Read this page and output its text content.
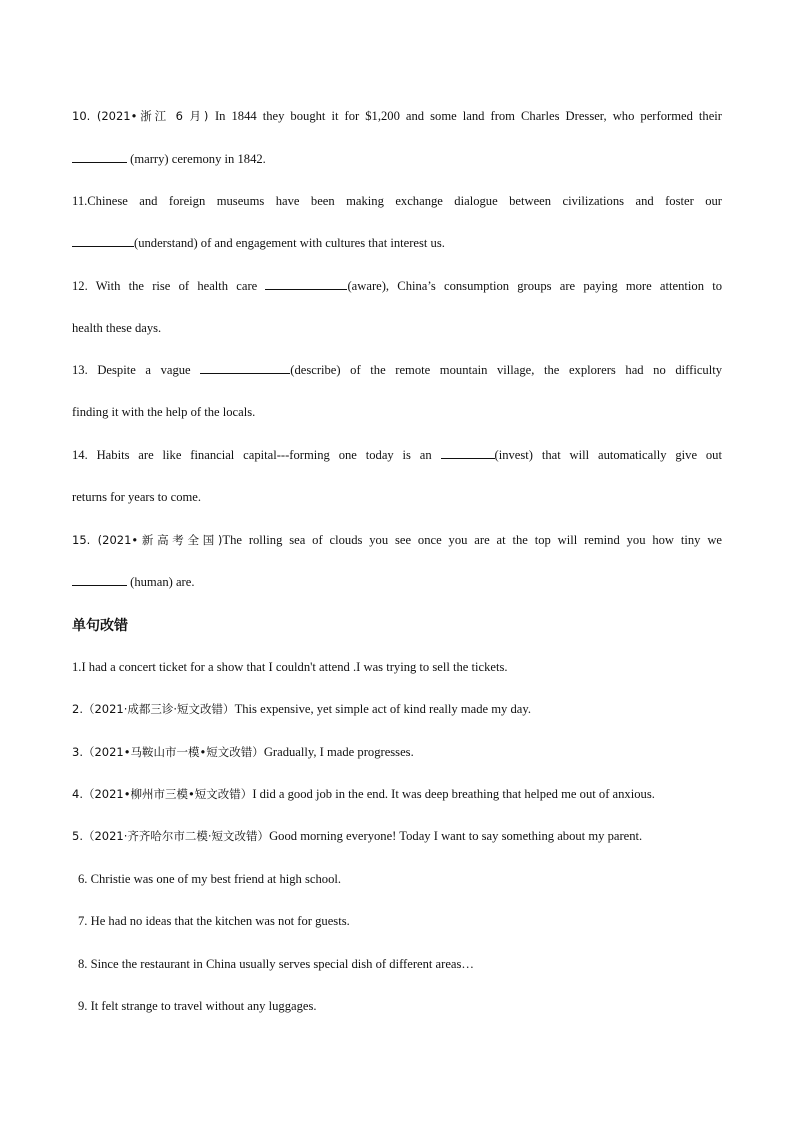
10. (2021•浙江 6 月) In 1844 they bought it for $1,200 and some land from Charles Dresser, who performed their
(marry) ceremony in 1842.
11.Chinese and foreign museums have been making exchange dialogue between civilizations and foster our
(understand) of and engagement with cultures that interest us.
12. With the rise of health care	(aware), China’s consumption groups are paying more attention to
health these days.
13. Despite a vague	(describe) of the remote mountain village, the explorers had no difficulty
finding it with the help of the locals.
14. Habits are like financial capital---forming one today is an	(invest) that will automatically give out
returns for years to come.
15. (2021•新高考全国)The rolling sea of clouds you see once you are at the top will remind you how tiny we
(human) are.
单句改错
1.I had a concert ticket for a show that I couldn't attend .I was trying to sell the tickets.
2.（2021·成都三诊·短文改错）This expensive, yet simple act of kind really made my day.
3.（2021•马鞍山市一模•短文改错）Gradually, I made progresses.
4.（2021•柳州市三模•短文改错）I did a good job in the end. It was deep breathing that helped me out of anxious.
5.（2021·齐齐哈尔市二模·短文改错）Good morning everyone! Today I want to say something about my parent.
6. Christie was one of my best friend at high school.
7. He had no ideas that the kitchen was not for guests.
8. Since the restaurant in China usually serves special dish of different areas…
9. It felt strange to travel without any luggages.
